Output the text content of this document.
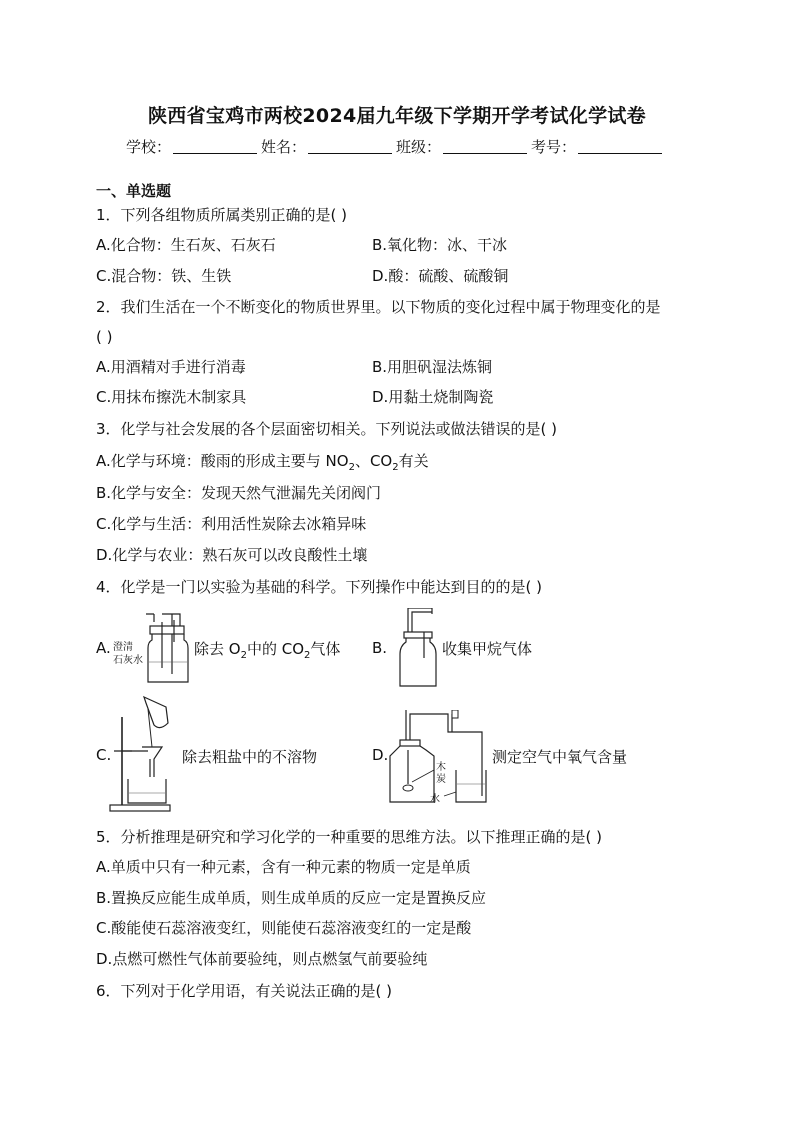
陕西省宝鸡市两校2024届九年级下学期开学考试化学试卷
学校：	姓名：	班级：	考号：
一、单选题
1．下列各组物质所属类别正确的是( )
A.化合物：生石灰、石灰石	B.氧化物：冰、干冰
C.混合物：铁、生铁	D.酸：硫酸、硫酸铜
2．我们生活在一个不断变化的物质世界里。以下物质的变化过程中属于物理变化的是
( )
A.用酒精对手进行消毒	B.用胆矾湿法炼铜
C.用抹布擦洗木制家具	D.用黏土烧制陶瓷
3．化学与社会发展的各个层面密切相关。下列说法或做法错误的是( )
A.化学与环境：酸雨的形成主要与 $NO_2$、$CO_2$有关
B.化学与安全：发现天然气泄漏先关闭阀门
C.化学与生活：利用活性炭除去冰箱异味
D.化学与农业：熟石灰可以改良酸性土壤
4．化学是一门以实验为基础的科学。下列操作中能达到目的的是( )
A. 澄清
石灰水
除去 $O_2$中的 $CO_2$气体 B.	收集甲烷气体
C.	除去粗盐中的不溶物	D.
木
炭
水
测定空气中氧气含量
5．分析推理是研究和学习化学的一种重要的思维方法。以下推理正确的是( )
A.单质中只有一种元素，含有一种元素的物质一定是单质
B.置换反应能生成单质，则生成单质的反应一定是置换反应
C.酸能使石蕊溶液变红，则能使石蕊溶液变红的一定是酸
D.点燃可燃性气体前要验纯，则点燃氢气前要验纯
6．下列对于化学用语，有关说法正确的是( )
